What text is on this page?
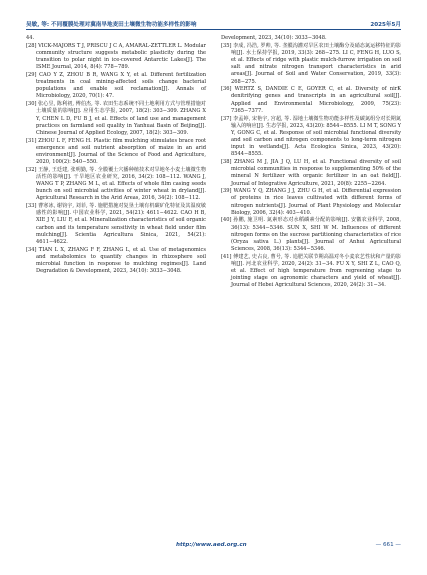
吴敏, 等: 不同覆膜处理对冀南旱地麦田土壤微生物功能多样性的影响	2025年5月

44.

[28] VICK-MAJORS T J, PRISCU J C A, AMARAL-ZETTLER L. Modular community structure suggests metabolic plasticity during the transition to polar night in ice-covered Antarctic Lakes[J]. The ISME Journal, 2014, 8(4): 778−789.

[29] CAO Y Z, ZHOU B R, WANG X Y, et al. Different fertilization treatments in coal mining-affected soils change bacterial populations and enable soil reclamation[J]. Annals of Microbiology, 2020, 70(1): 47.

[30] 张心昱, 陈利初, 傅伯杰, 等. 农田生态系统不同土地利用方式与管理措施对土壤质量的影响[J]. 应用生态学报, 2007, 18(2): 303−309. ZHANG X Y, CHEN L D, FU B J, et al. Effects of land use and management practices on farmland soil quality in Yanhuai Basin of Beijing[J]. Chinese Journal of Applied Ecology, 2007, 18(2): 303−309.

[31] ZHOU L F, FENG H. Plastic film mulching stimulates brace root emergence and soil nutrient absorption of maize in an arid environment[J]. Journal of the Science of Food and Agriculture, 2020, 100(2): 540−550.

[32] 王静, 王廷建, 张明勤, 等. 全膜覆土穴播种植技术对旱地冬小麦土壤微生物活性的影响[J]. 干旱地区农业研究, 2016, 34(2): 108−112. WANG J, WANG T P, ZHANG M L, et al. Effects of whole film casing seeds bunch on soil microbial activities of winter wheat in dryland[J]. Agricultural Research in the Arid Areas, 2016, 34(2): 108−112.

[33] 曹寒冰, 谢钧宇, 刘菲, 等. 施肥措施对复垦土壤有机碳矿化特征及其温度敏感性的影响[J]. 中国农业科学, 2021, 54(21): 4611−4622. CAO H B, XIE J Y, LIU F, et al. Mineralization characteristics of soil organic carbon and its temperature sensitivity in wheat field under film mulching[J]. Scientia Agricultura Sinica, 2021, 54(21): 4611−4622.

[34] TIAN L X, ZHANG F F, ZHANG L, et al. Use of metagenomics and metabolomics to quantify changes in rhizosphere soil microbial function in response to mulching regimes[J]. Land Degradation & Development, 2023, 34(10): 3033−3048.

Development, 2023, 34(10): 3033−3048.

[35] 李成, 冯浩, 罗帅, 等. 垄膜沟灌对旱区农田土壤酶分及硝态氮运移特征的影响[J]. 水土保持学报, 2019, 33(3): 268−275. LI C, FENG H, LUO S, et al. Effects of ridge with plastic mulch-furrow irrigation on soil salt and nitrate nitrogen transport characteristics in arid areas[J]. Journal of Soil and Water Conservation, 2019, 33(3): 268−275.

[36] WERTZ S, DANDIE C E, GOYER C, et al. Diversity of nirK denitrifying genes and transcripts in an agricultural soil[J]. Applied and Environmental Microbiology, 2009, 75(23): 7365−7377.

[37] 李孟婷, 宋艳宇, 宫超, 等. 湿地土壤微生物功能多样性及碳氮组分对长期氮输入的响应[J]. 生态学报, 2023, 43(20): 8544−8555. LI M T, SONG Y Y, GONG C, et al. Response of soil microbial functional diversity and soil carbon and nitrogen components to long-term nitrogen input in wetlands[J]. Acta Ecologica Sinica, 2023, 43(20): 8544−8555.

[38] ZHANG M J, JIA J Q, LU H, et al. Functional diversity of soil microbial communities in response to supplementing 50% of the mineral N fertilizer with organic fertilizer in an oat field[J]. Journal of Integrative Agriculture, 2021, 20(8): 2255−2264.

[39] WANG Y Q, ZHANG J J, ZHU G H, et al. Differential expression of proteins in rice leaves cultivated with different forms of nitrogen nutrients[J]. Journal of Plant Physiology and Molecular Biology, 2006, 32(4): 403−410.

[40] 孙鹏, 施卫明. 氮素形态对水稻磷素分配的影响[J]. 安徽农业科学, 2008, 36(13): 5344−5346. SUN X, SHI W M. Influences of different nitrogen forms on the sucrose partitioning characteristics of rice (Oryza sativa L.) plants[J]. Journal of Anhui Agricultural Sciences, 2008, 36(13): 5344−5346.

[41] 傅建艺, 史占良, 曹号, 等. 追肥关联节期高温对冬小麦农艺性状和产量的影响[J]. 河北农业科学, 2020, 24(2): 31−34. FU X Y, SHI Z L, CAO Q, et al. Effect of high temperature from regreening stage to jointing stage on agronomic characters and yield of wheat[J]. Journal of Hebei Agricultural Sciences, 2020, 24(2): 31−34.

http://www.aed.org.cn	— 661 —
